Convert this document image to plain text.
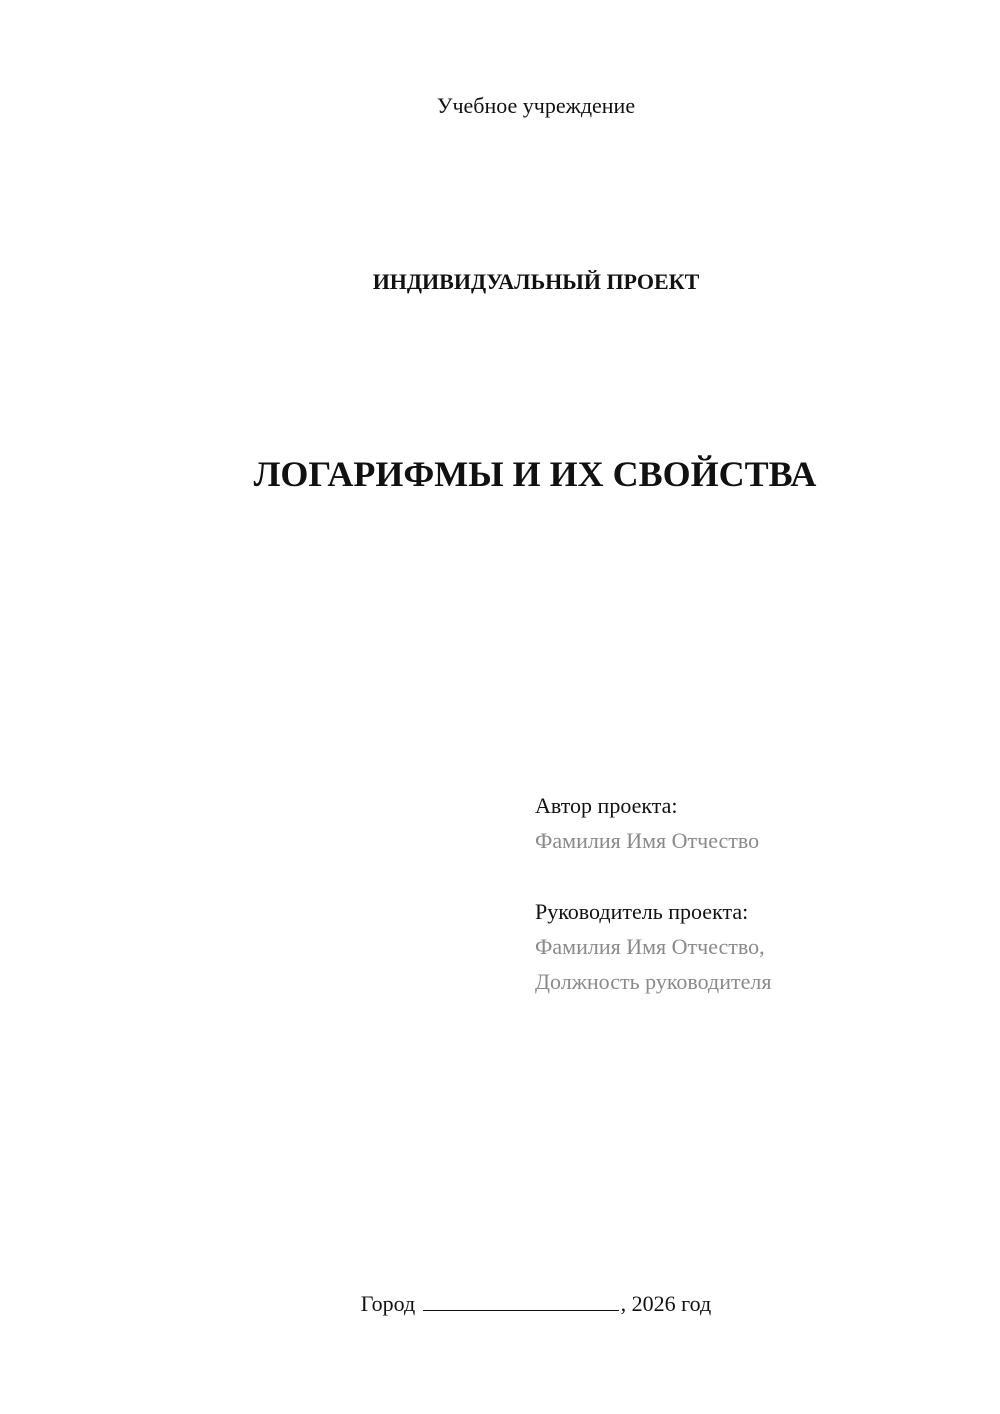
Учебное учреждение
ИНДИВИДУАЛЬНЫЙ ПРОЕКТ
ЛОГАРИФМЫ И ИХ СВОЙСТВА
Автор проекта:
Фамилия Имя Отчество
Руководитель проекта:
Фамилия Имя Отчество,
Должность руководителя
Город	, 2026 год
